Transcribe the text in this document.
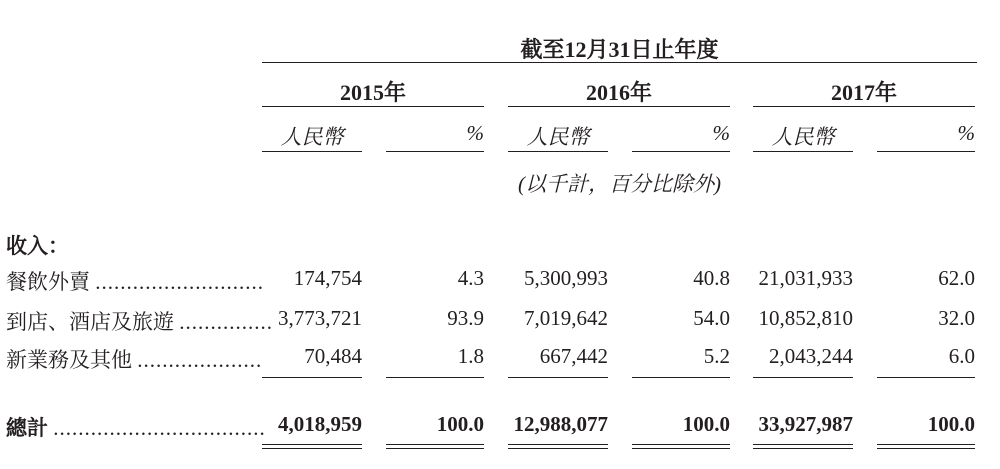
截至12月31日止年度
2015年	2016年	2017年
人民幣	%	人民幣	%	人民幣	%
(以千計，百分比除外)
收入：
餐飲外賣 ...........................	174,754	4.3	5,300,993	40.8 21,031,933	62.0
到店、酒店及旅遊 ............... 3,773,721	93.9	7,019,642	54.0 10,852,810	32.0
新業務及其他 ....................	70,484	1.8	667,442	5.2	2,043,244	6.0
總計 .................................. 4,018,959	100.0 12,988,077	100.0 33,927,987	100.0
